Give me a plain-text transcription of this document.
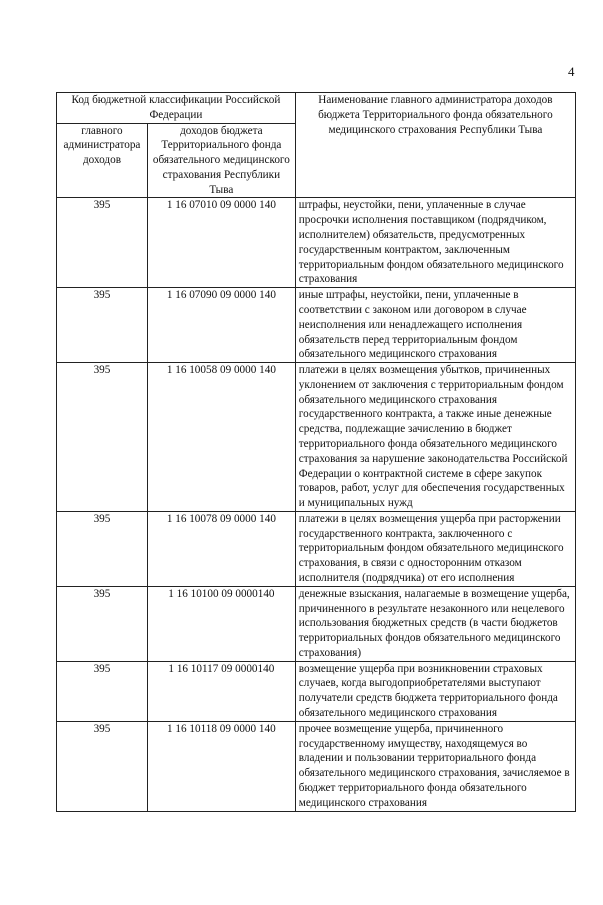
4
Код бюджетной классификации Российской Федерации		Наименование главного администратора доходов бюджета Территориального фонда обязательного медицинского страхования Республики Тыва
главного администратора доходов	доходов бюджета Территориального фонда обязательного медицинского страхования Республики Тыва	
395	1 16 07010 09 0000 140	штрафы, неустойки, пени, уплаченные в случае просрочки исполнения поставщиком (подрядчиком, исполнителем) обязательств, предусмотренных государственным контрактом, заключенным территориальным фондом обязательного медицинского страхования
395	1 16 07090 09 0000 140	иные штрафы, неустойки, пени, уплаченные в соответствии с законом или договором в случае неисполнения или ненадлежащего исполнения обязательств перед территориальным фондом обязательного медицинского страхования
395	1 16 10058 09 0000 140	платежи в целях возмещения убытков, причиненных уклонением от заключения с территориальным фондом обязательного медицинского страхования государственного контракта, а также иные денежные средства, подлежащие зачислению в бюджет территориального фонда обязательного медицинского страхования за нарушение законодательства Российской Федерации о контрактной системе в сфере закупок товаров, работ, услуг для обеспечения государственных и муниципальных нужд
395	1 16 10078 09 0000 140	платежи в целях возмещения ущерба при расторжении государственного контракта, заключенного с территориальным фондом обязательного медицинского страхования, в связи с односторонним отказом исполнителя (подрядчика) от его исполнения
395	1 16 10100 09 0000140	денежные взыскания, налагаемые в возмещение ущерба, причиненного в результате незаконного или нецелевого использования бюджетных средств (в части бюджетов территориальных фондов обязательного медицинского страхования)
395	1 16 10117 09 0000140	возмещение ущерба при возникновении страховых случаев, когда выгодоприобретателями выступают получатели средств бюджета территориального фонда обязательного медицинского страхования
395	1 16 10118 09 0000 140	прочее возмещение ущерба, причиненного государственному имуществу, находящемуся во владении и пользовании территориального фонда обязательного медицинского страхования, зачисляемое в бюджет территориального фонда обязательного медицинского страхования
